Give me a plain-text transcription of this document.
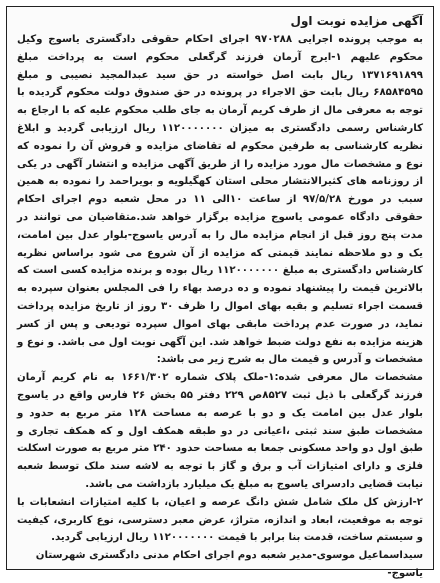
آگهی مزایده نوبت اول

به موجب پرونده اجرایی ۹۷۰۲۸۸ اجرای احکام حقوقی دادگستری یاسوج وکیل محکوم علیهم ۱-ایرج آرمان فرزند گرگعلی محکوم است به پرداخت مبلغ ۱۳۷۱۶۹۱۸۹۹ ریال بابت اصل خواسته در حق سید عبدالمجید نصیبی و مبلغ ۶۸۵۸۴۵۹۵ ریال بابت حق الاجراء در پرونده در حق صندوق دولت محکوم گردیده با توجه به معرفی مال از طرف کریم آرمان به جای طلب محکوم علیه که با ارجاع به کارشناس رسمی دادگستری به میزان ۱۱۲۰۰۰۰۰۰۰ ریال ارزیابی گردید و ابلاغ نظریه کارشناسی به طرفین محکوم له تقاضای مزایده و فروش آن را نموده که نوع و مشخصات مال مورد مزایده را از طریق آگهی مزایده و انتشار آگهی در یکی از روزنامه های کثیرالانتشار محلی استان کهگیلویه و بویراحمد را نموده به همین سبب در مورخ ۹۷/۵/۲۸ از ساعت ۱۰الی ۱۱ در محل شعبه دوم اجرای احکام حقوقی دادگاه عمومی یاسوج مزایده برگزار خواهد شد.متقاضیان می توانند در مدت پنج روز قبل از انجام مزایده مال را به آدرس یاسوج-بلوار عدل بین امامت، یک و دو ملاحظه نمایند قیمتی که مزایده از آن شروع می شود براساس نظریه کارشناس دادگستری به مبلغ ۱۱۲۰۰۰۰۰۰۰ ریال بوده و برنده مزایده کسی است که بالاترین قیمت را پیشنهاد نموده و ده درصد بهاء را فی المجلس بعنوان سپرده به قسمت اجراء تسلیم و بقیه بهای اموال را ظرف ۳۰ روز از تاریخ مزایده پرداخت نماید، در صورت عدم پرداخت مابقی بهای اموال سپرده تودیعی و پس از کسر هزینه مزایده به نفع دولت ضبط خواهد شد. این آگهی نوبت اول می باشد. و نوع و مشخصات و آدرس و قیمت مال به شرح زیر می باشد:

مشخصات مال معرفی شده:۱-ملک پلاک شماره ۱۶۶۱/۳۰۲ به نام کریم آرمان فرزند گرگعلی با ذیل ثبت ۸۵۲۷ص ۲۲۹ دفتر ۵۵ بخش ۲۶ فارس واقع در یاسوج بلوار عدل بین امامت یک و دو با عرصه به مساحت ۱۲۸ متر مربع به حدود و مشخصات طبق سند ثبتی ،اعیانی در دو طبقه همکف اول و که همکف تجاری و طبق اول دو واحد مسکونی جمعا به مساحت حدود ۲۴۰ متر مربع به صورت اسکلت فلزی و دارای امتیازات آب و برق و گاز با توجه به لاشه سند ملک توسط شعبه نیابت قضایی دادسرای یاسوج به مبلغ یک میلیارد بازداشت می باشد.

۲-ارزش کل ملک شامل شش دانگ عرصه و اعیان، با کلیه امتیازات انشعابات با توجه به موقعیت، ابعاد و اندازه، متراژ، عرض معبر دسترسی، نوع کاربری، کیفیت و سیستم ساخت، قدمت بنا برابر با قیمت ۱۱۲۰۰۰۰۰۰۰ ریال ارزیابی گردید.

سیداسماعیل موسوی-مدیر شعبه دوم اجرای احکام مدنی دادگستری شهرستان یاسوج-
